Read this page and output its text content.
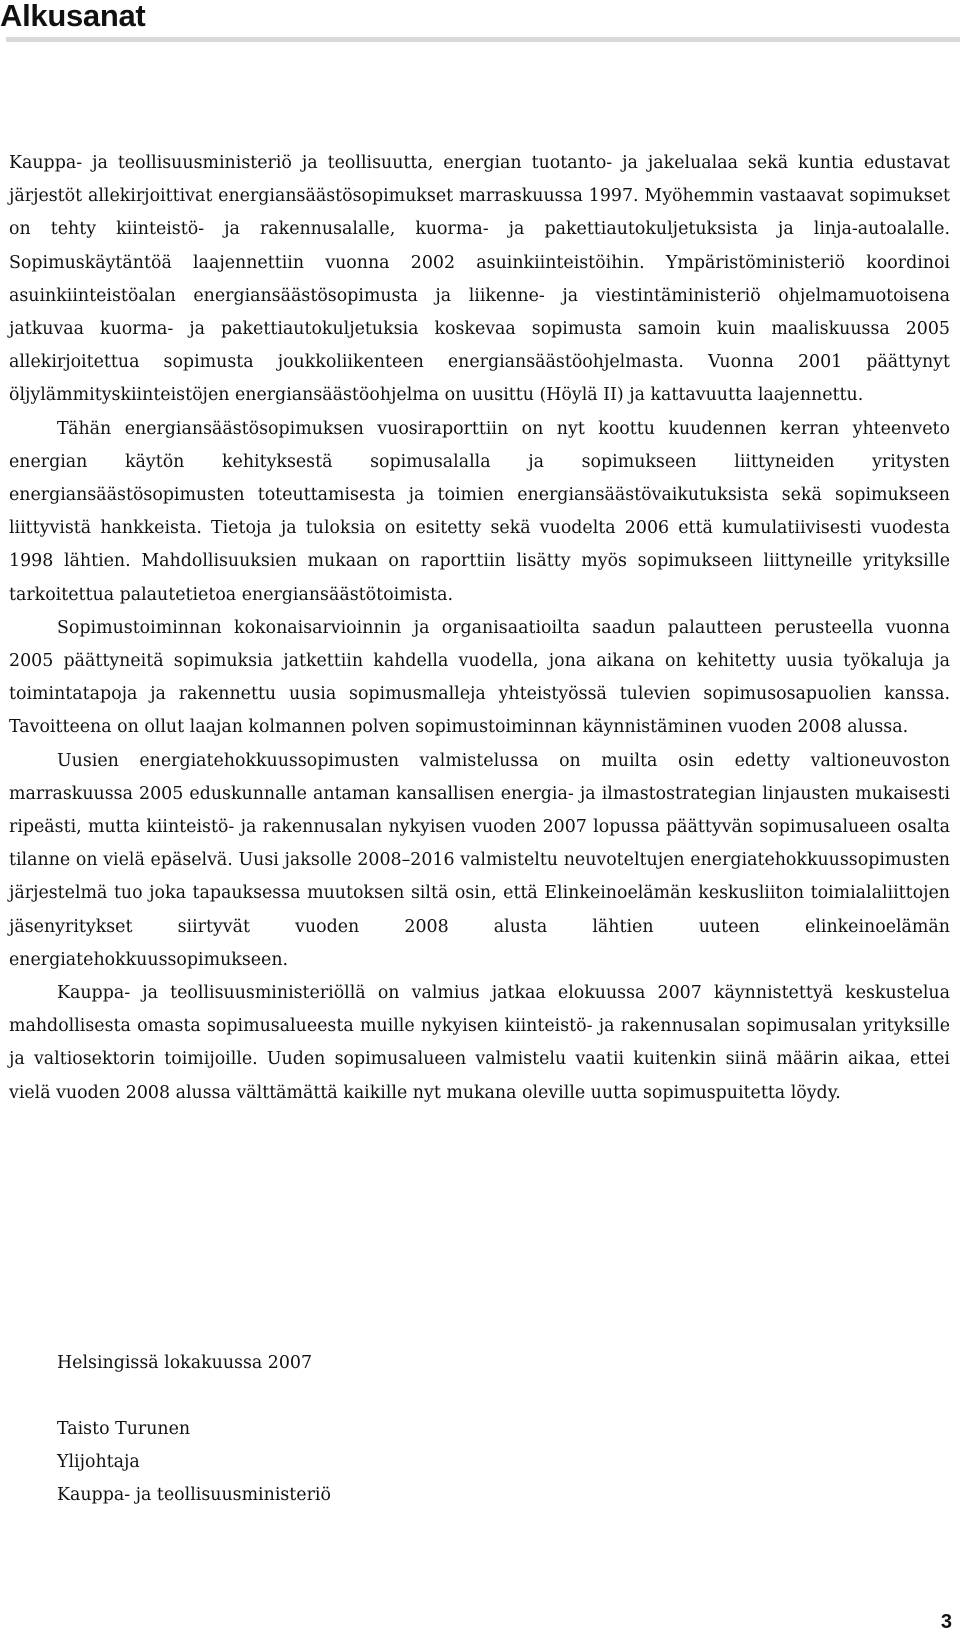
Alkusanat

Kauppa- ja teollisuusministeriö ja teollisuutta, energian tuotanto- ja jakelualaa sekä kuntia edustavat järjestöt allekirjoittivat energiansäästösopimukset marraskuussa 1997. Myöhemmin vastaavat sopimukset on tehty kiinteistö- ja rakennusalalle, kuorma- ja pakettiautokuljetuksista ja linja-autoalalle. Sopimuskäytäntöä laajennettiin vuonna 2002 asuinkiinteistöihin. Ympäristöministeriö koordinoi asuinkiinteistöalan energiansäästösopimusta ja liikenne- ja viestintäministeriö ohjelmamuotoisena jatkuvaa kuorma- ja pakettiautokuljetuksia koskevaa sopimusta samoin kuin maaliskuussa 2005 allekirjoitettua sopimusta joukkoliikenteen energiansäästöohjelmasta. Vuonna 2001 päättynyt öljylämmityskiinteistöjen energiansäästöohjelma on uusittu (Höylä II) ja kattavuutta laajennettu.

Tähän energiansäästösopimuksen vuosiraporttiin on nyt koottu kuudennen kerran yhteenveto energian käytön kehityksestä sopimusalalla ja sopimukseen liittyneiden yritysten energiansäästösopimusten toteuttamisesta ja toimien energiansäästövaikutuksista sekä sopimukseen liittyvistä hankkeista. Tietoja ja tuloksia on esitetty sekä vuodelta 2006 että kumulatiivisesti vuodesta 1998 lähtien. Mahdollisuuksien mukaan on raporttiin lisätty myös sopimukseen liittyneille yrityksille tarkoitettua palautetietoa energiansäästötoimista.

Sopimustoiminnan kokonaisarvioinnin ja organisaatioilta saadun palautteen perusteella vuonna 2005 päättyneitä sopimuksia jatkettiin kahdella vuodella, jona aikana on kehitetty uusia työkaluja ja toimintatapoja ja rakennettu uusia sopimusmalleja yhteistyössä tulevien sopimusosapuolien kanssa. Tavoitteena on ollut laajan kolmannen polven sopimustoiminnan käynnistäminen vuoden 2008 alussa.

Uusien energiatehokkuussopimusten valmistelussa on muilta osin edetty valtioneuvoston marraskuussa 2005 eduskunnalle antaman kansallisen energia- ja ilmastostrategian linjausten mukaisesti ripeästi, mutta kiinteistö- ja rakennusalan nykyisen vuoden 2007 lopussa päättyvän sopimusalueen osalta tilanne on vielä epäselvä. Uusi jaksolle 2008–2016 valmisteltu neuvoteltujen energiatehokkuussopimusten järjestelmä tuo joka tapauksessa muutoksen siltä osin, että Elinkeinoelämän keskusliiton toimialaliittojen jäsenyritykset siirtyvät vuoden 2008 alusta lähtien uuteen elinkeinoelämän energiatehokkuussopimukseen.

Kauppa- ja teollisuusministeriöllä on valmius jatkaa elokuussa 2007 käynnistettyä keskustelua mahdollisesta omasta sopimusalueesta muille nykyisen kiinteistö- ja rakennusalan sopimusalan yrityksille ja valtiosektorin toimijoille. Uuden sopimusalueen valmistelu vaatii kuitenkin siinä määrin aikaa, ettei vielä vuoden 2008 alussa välttämättä kaikille nyt mukana oleville uutta sopimuspuitetta löydy.

Helsingissä lokakuussa 2007
Taisto Turunen
Ylijohtaja
Kauppa- ja teollisuusministeriö
3
